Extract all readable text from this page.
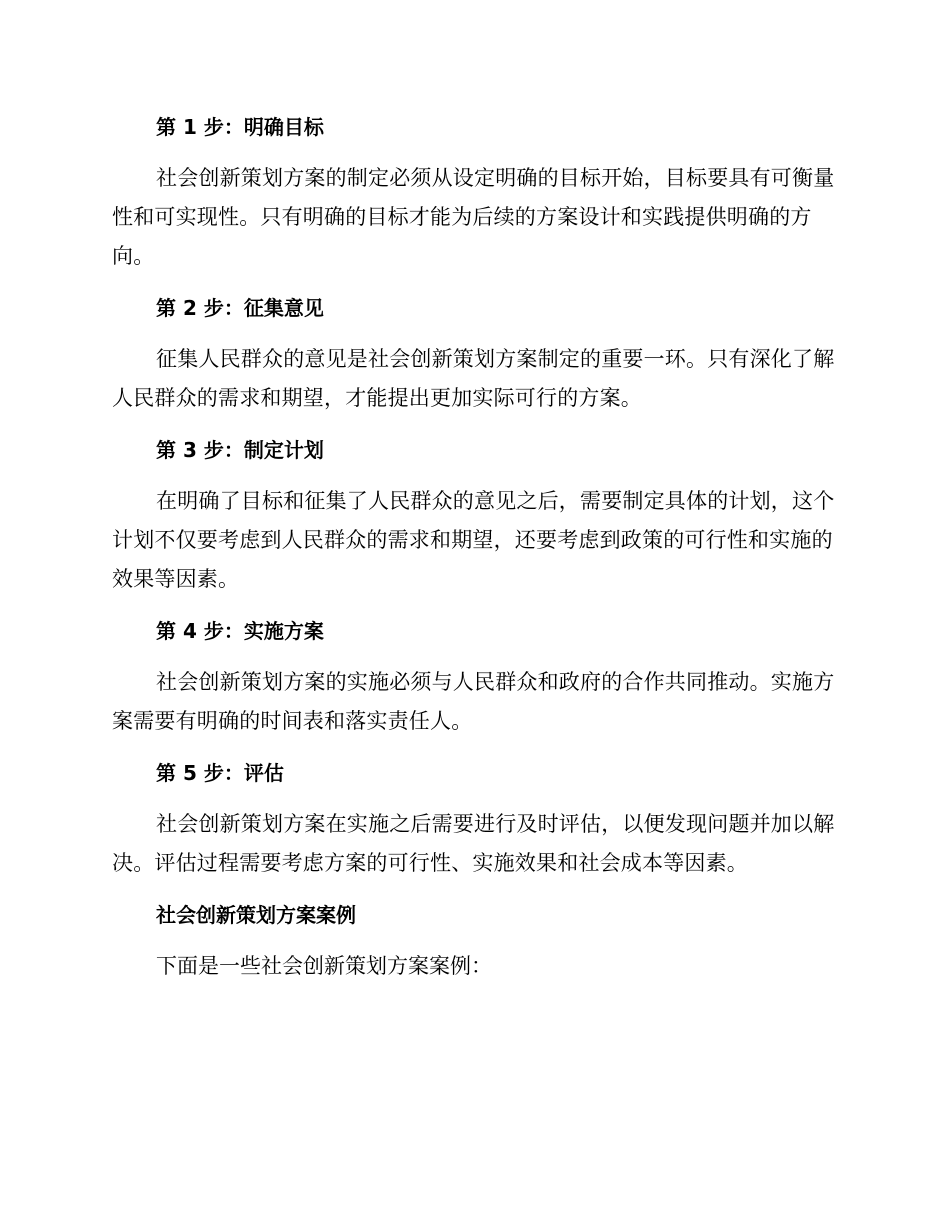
第 1 步：明确目标

社会创新策划方案的制定必须从设定明确的目标开始，目标要具有可衡量性和可实现性。只有明确的目标才能为后续的方案设计和实践提供明确的方向。

第 2 步：征集意见

征集人民群众的意见是社会创新策划方案制定的重要一环。只有深化了解人民群众的需求和期望，才能提出更加实际可行的方案。

第 3 步：制定计划

在明确了目标和征集了人民群众的意见之后，需要制定具体的计划，这个计划不仅要考虑到人民群众的需求和期望，还要考虑到政策的可行性和实施的效果等因素。

第 4 步：实施方案

社会创新策划方案的实施必须与人民群众和政府的合作共同推动。实施方案需要有明确的时间表和落实责任人。

第 5 步：评估

社会创新策划方案在实施之后需要进行及时评估，以便发现问题并加以解决。评估过程需要考虑方案的可行性、实施效果和社会成本等因素。

社会创新策划方案案例

下面是一些社会创新策划方案案例：
